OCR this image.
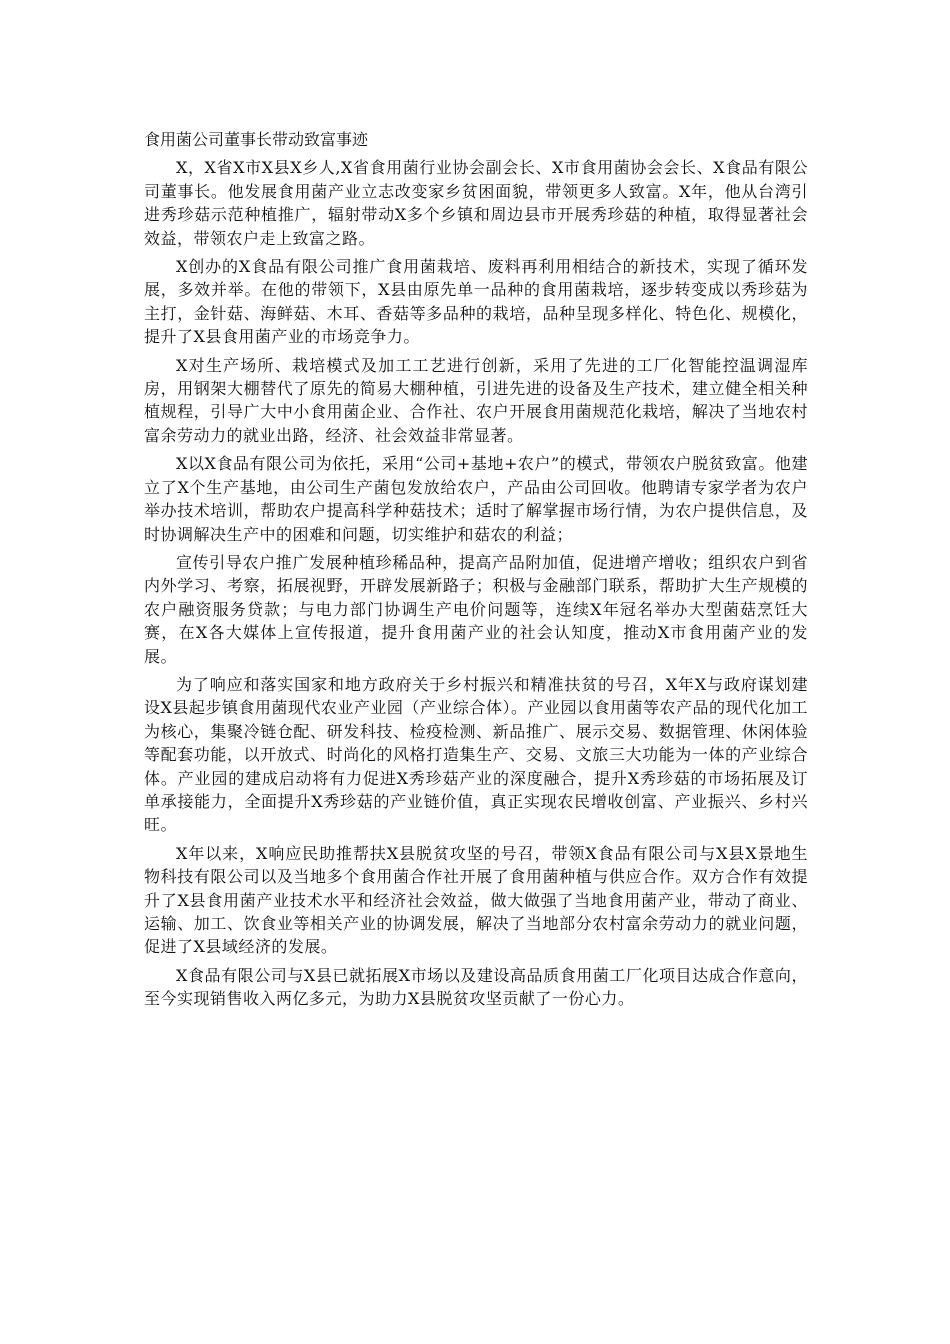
食用菌公司董事长带动致富事迹

X，X省X市X县X乡人,X省食用菌行业协会副会长、X市食用菌协会会长、X食品有限公司董事长。他发展食用菌产业立志改变家乡贫困面貌，带领更多人致富。X年，他从台湾引进秀珍菇示范种植推广，辐射带动X多个乡镇和周边县市开展秀珍菇的种植，取得显著社会效益，带领农户走上致富之路。

X创办的X食品有限公司推广食用菌栽培、废料再利用相结合的新技术，实现了循环发展，多效并举。在他的带领下，X县由原先单一品种的食用菌栽培，逐步转变成以秀珍菇为主打，金针菇、海鲜菇、木耳、香菇等多品种的栽培，品种呈现多样化、特色化、规模化，提升了X县食用菌产业的市场竞争力。

X对生产场所、栽培模式及加工工艺进行创新，采用了先进的工厂化智能控温调湿库房，用钢架大棚替代了原先的简易大棚种植，引进先进的设备及生产技术，建立健全相关种植规程，引导广大中小食用菌企业、合作社、农户开展食用菌规范化栽培，解决了当地农村富余劳动力的就业出路，经济、社会效益非常显著。

X以X食品有限公司为依托，采用“公司+基地+农户”的模式，带领农户脱贫致富。他建立了X个生产基地，由公司生产菌包发放给农户，产品由公司回收。他聘请专家学者为农户举办技术培训，帮助农户提高科学种菇技术；适时了解掌握市场行情，为农户提供信息，及时协调解决生产中的困难和问题，切实维护和菇农的利益；

宣传引导农户推广发展种植珍稀品种，提高产品附加值，促进增产增收；组织农户到省内外学习、考察，拓展视野，开辟发展新路子；积极与金融部门联系，帮助扩大生产规模的农户融资服务贷款；与电力部门协调生产电价问题等，连续X年冠名举办大型菌菇烹饪大赛，在X各大媒体上宣传报道，提升食用菌产业的社会认知度，推动X市食用菌产业的发展。

为了响应和落实国家和地方政府关于乡村振兴和精准扶贫的号召，X年X与政府谋划建设X县起步镇食用菌现代农业产业园（产业综合体）。产业园以食用菌等农产品的现代化加工为核心，集聚冷链仓配、研发科技、检疫检测、新品推广、展示交易、数据管理、休闲体验等配套功能，以开放式、时尚化的风格打造集生产、交易、文旅三大功能为一体的产业综合体。产业园的建成启动将有力促进X秀珍菇产业的深度融合，提升X秀珍菇的市场拓展及订单承接能力，全面提升X秀珍菇的产业链价值，真正实现农民增收创富、产业振兴、乡村兴旺。

X年以来，X响应民助推帮扶X县脱贫攻坚的号召，带领X食品有限公司与X县X景地生物科技有限公司以及当地多个食用菌合作社开展了食用菌种植与供应合作。双方合作有效提升了X县食用菌产业技术水平和经济社会效益，做大做强了当地食用菌产业，带动了商业、运输、加工、饮食业等相关产业的协调发展，解决了当地部分农村富余劳动力的就业问题，促进了X县域经济的发展。

X食品有限公司与X县已就拓展X市场以及建设高品质食用菌工厂化项目达成合作意向，至今实现销售收入两亿多元，为助力X县脱贫攻坚贡献了一份心力。
